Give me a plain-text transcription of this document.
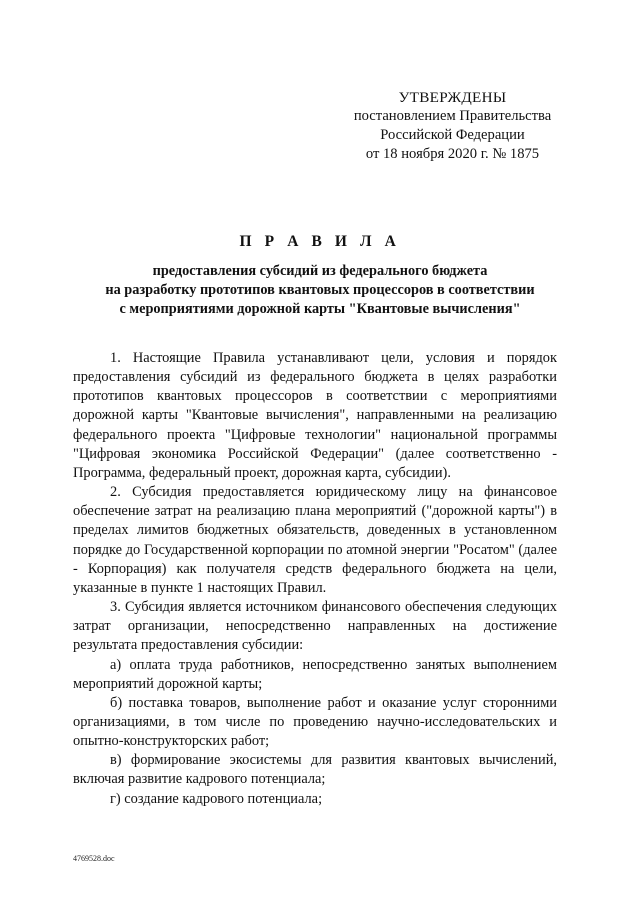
УТВЕРЖДЕНЫ
постановлением Правительства
Российской Федерации
от 18 ноября 2020 г. № 1875
П Р А В И Л А
предоставления субсидий из федерального бюджета
на разработку прототипов квантовых процессоров в соответствии
с мероприятиями дорожной карты "Квантовые вычисления"

1. Настоящие Правила устанавливают цели, условия и порядок предоставления субсидий из федерального бюджета в целях разработки прототипов квантовых процессоров в соответствии с мероприятиями дорожной карты "Квантовые вычисления", направленными на реализацию федерального проекта "Цифровые технологии" национальной программы "Цифровая экономика Российской Федерации" (далее соответственно - Программа, федеральный проект, дорожная карта, субсидии).

2. Субсидия предоставляется юридическому лицу на финансовое обеспечение затрат на реализацию плана мероприятий ("дорожной карты") в пределах лимитов бюджетных обязательств, доведенных в установленном порядке до Государственной корпорации по атомной энергии "Росатом" (далее - Корпорация) как получателя средств федерального бюджета на цели, указанные в пункте 1 настоящих Правил.

3. Субсидия является источником финансового обеспечения следующих затрат организации, непосредственно направленных на достижение результата предоставления субсидии:

а) оплата труда работников, непосредственно занятых выполнением мероприятий дорожной карты;

б) поставка товаров, выполнение работ и оказание услуг сторонними организациями, в том числе по проведению научно-исследовательских и опытно-конструкторских работ;

в) формирование экосистемы для развития квантовых вычислений, включая развитие кадрового потенциала;

г) создание кадрового потенциала;

4769528.doc
